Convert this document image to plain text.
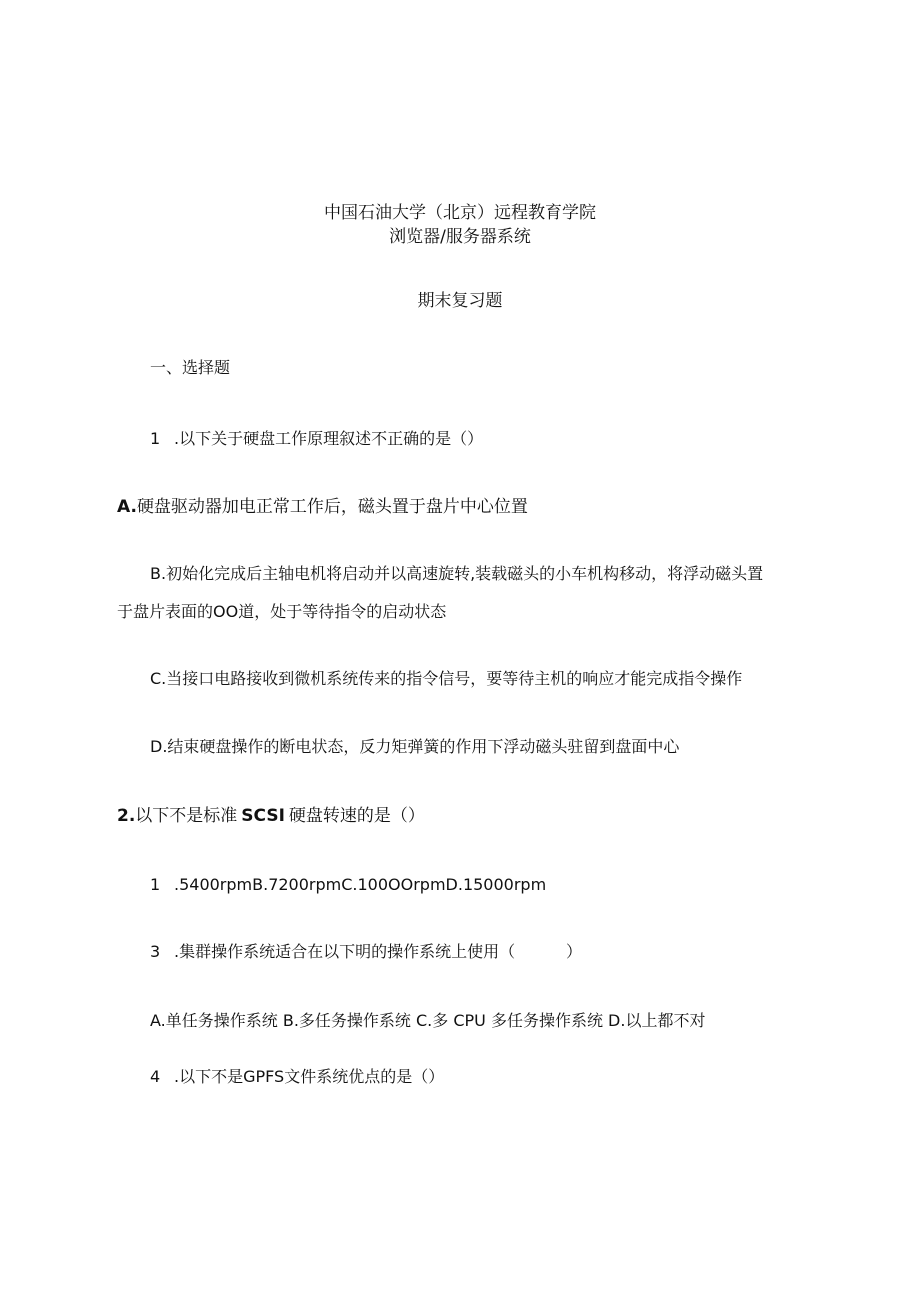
中国石油大学（北京）远程教育学院
浏览器/服务器系统
期末复习题
一、选择题
1 .以下关于硬盘工作原理叙述不正确的是（）
A.硬盘驱动器加电正常工作后，磁头置于盘片中心位置
B.初始化完成后主轴电机将启动并以高速旋转,装载磁头的小车机构移动，将浮动磁头置
于盘片表面的OO道，处于等待指令的启动状态
C.当接口电路接收到微机系统传来的指令信号，要等待主机的响应才能完成指令操作
D.结束硬盘操作的断电状态，反力矩弹簧的作用下浮动磁头驻留到盘面中心
2.以下不是标准 SCSI 硬盘转速的是（）
1 .5400rpmB.7200rpmC.100OOrpmD.15000rpm
3 .集群操作系统适合在以下明的操作系统上使用（          ）
A.单任务操作系统 B.多任务操作系统 C.多 CPU 多任务操作系统 D.以上都不对
4 .以下不是GPFS文件系统优点的是（）
